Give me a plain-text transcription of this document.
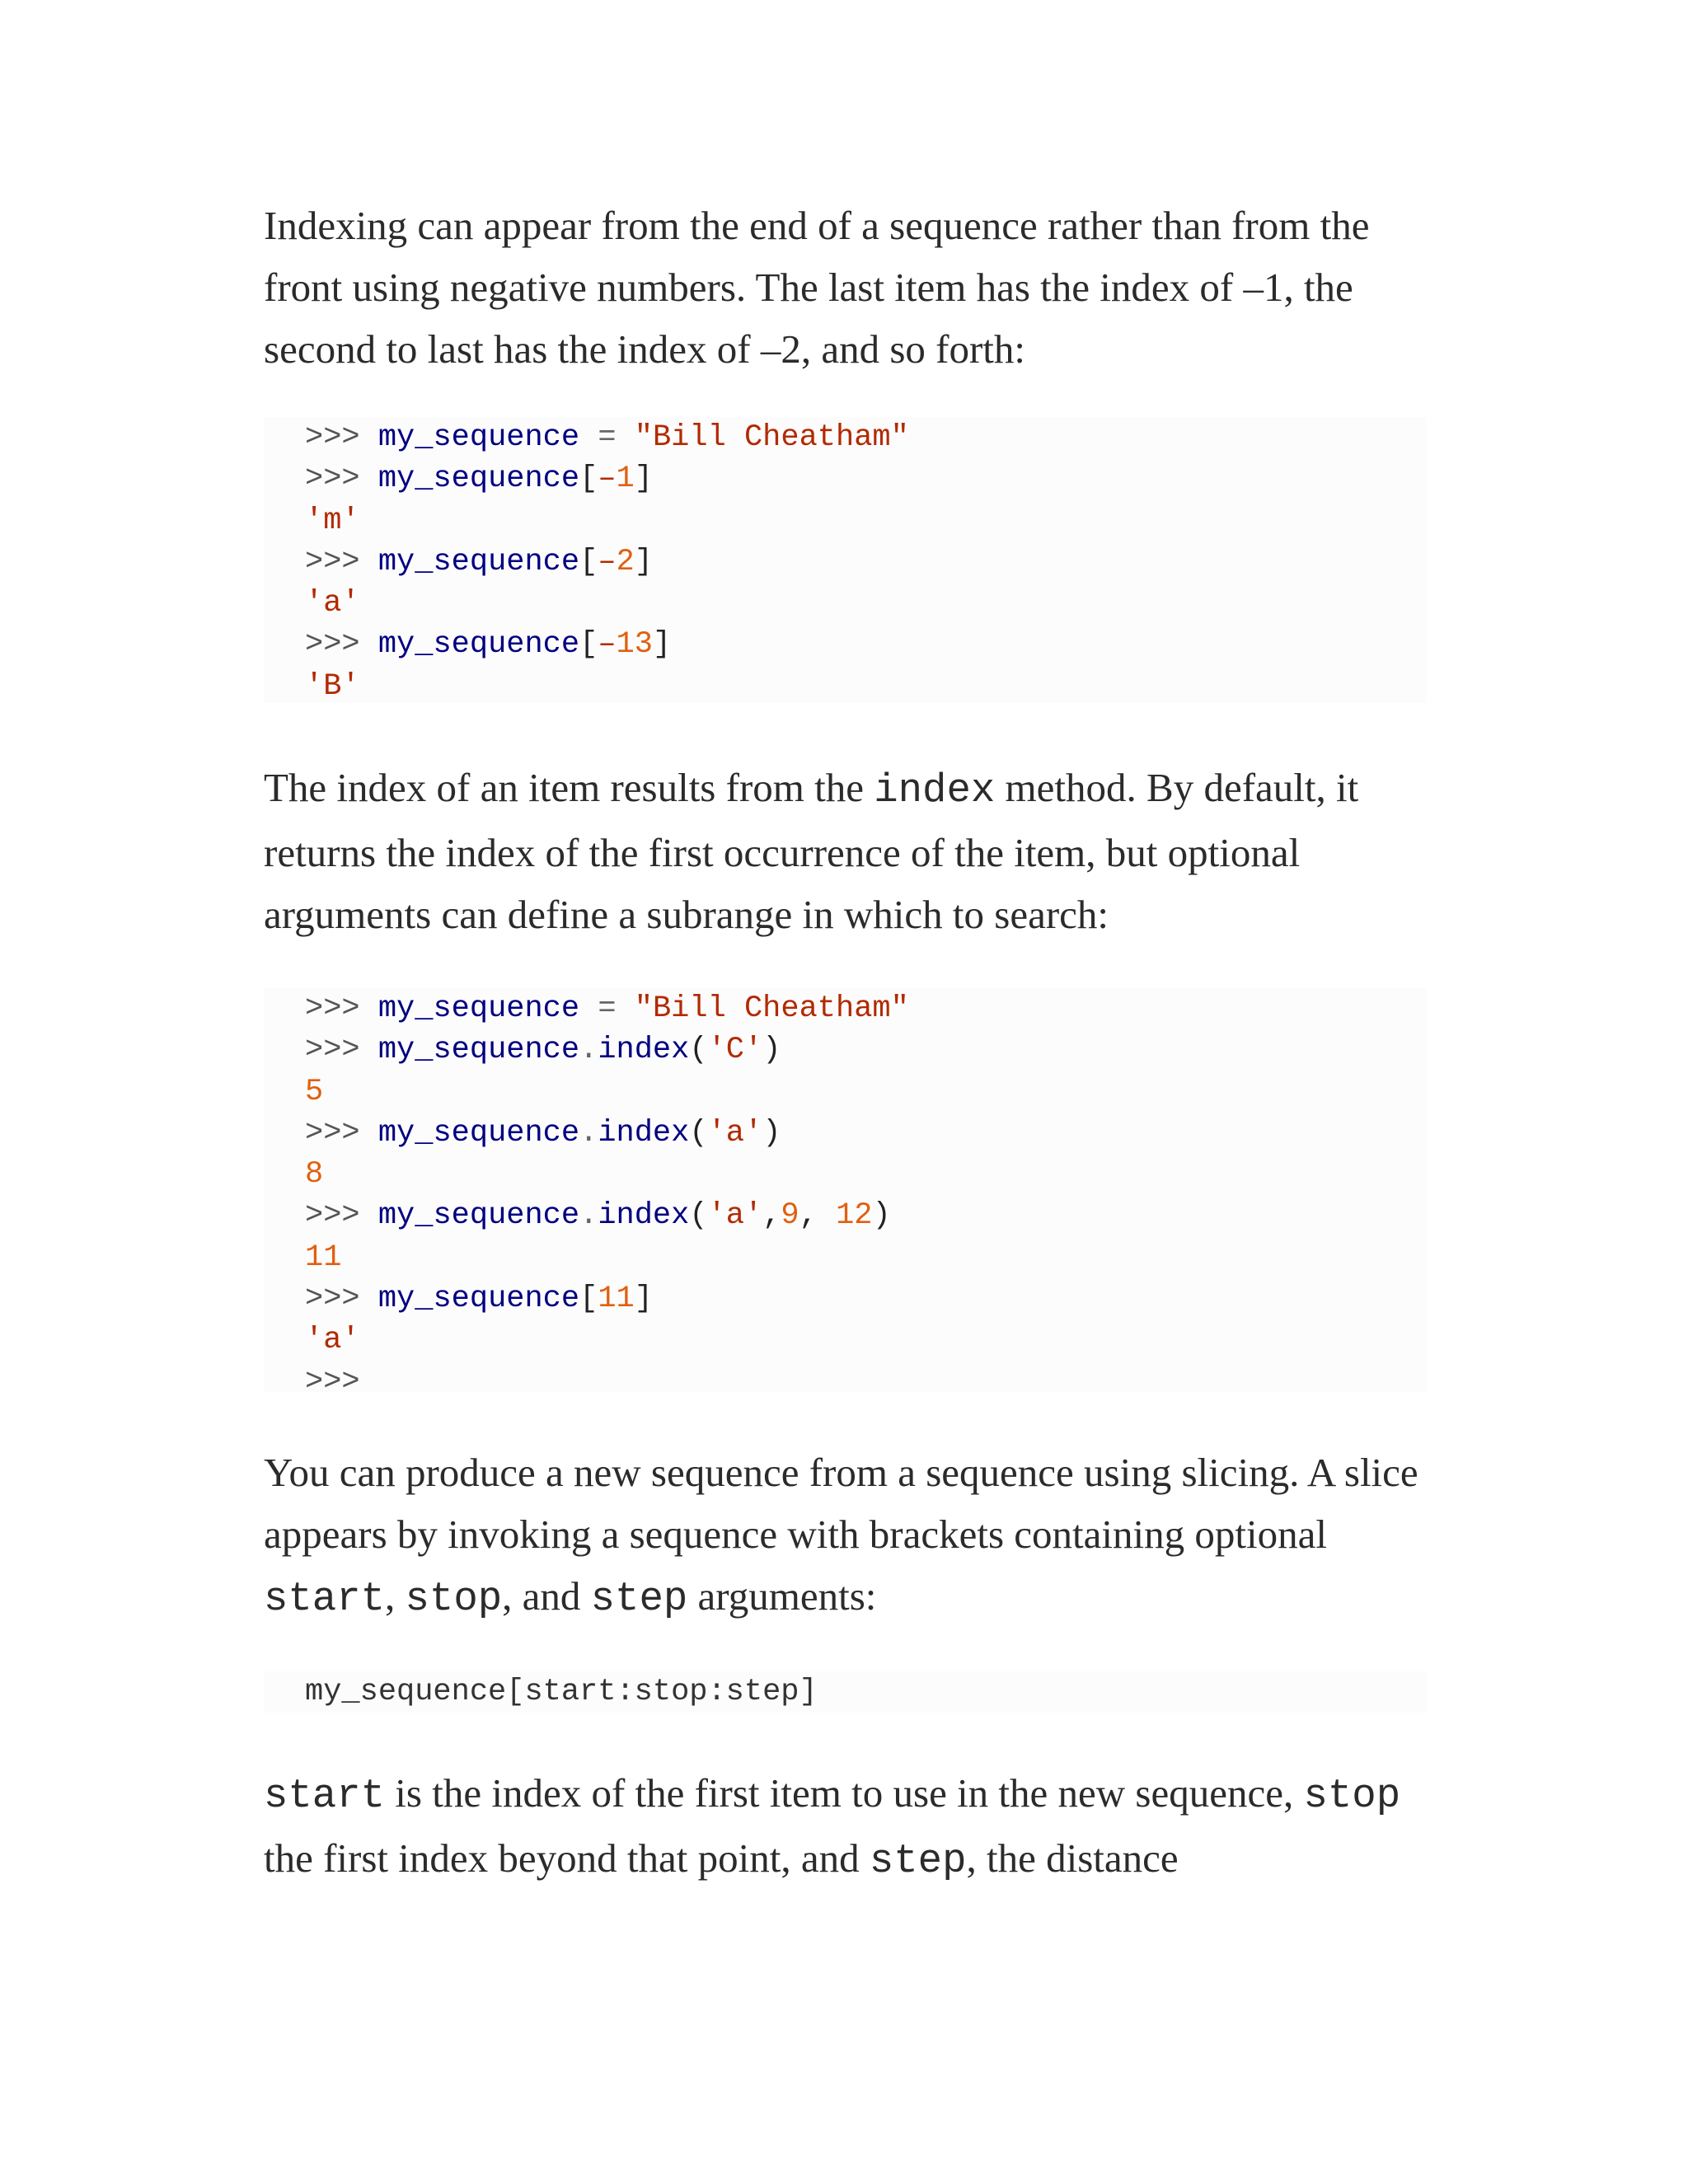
Indexing can appear from the end of a sequence rather than from the front using negative numbers. The last item has the index of –1, the second to last has the index of –2, and so forth:

>>> my_sequence = "Bill Cheatham"
>>> my_sequence[–1]
'm'
>>> my_sequence[–2]
'a'
>>> my_sequence[–13]
'B'

The index of an item results from the index method. By default, it returns the index of the first occurrence of the item, but optional arguments can define a subrange in which to search:

>>> my_sequence = "Bill Cheatham"
>>> my_sequence.index('C')
5
>>> my_sequence.index('a')
8
>>> my_sequence.index('a',9, 12)
11
>>> my_sequence[11]
'a'
>>>

You can produce a new sequence from a sequence using slicing. A slice appears by invoking a sequence with brackets containing optional start, stop, and step arguments:

my_sequence[start:stop:step]

start is the index of the first item to use in the new sequence, stop the first index beyond that point, and step, the distance
